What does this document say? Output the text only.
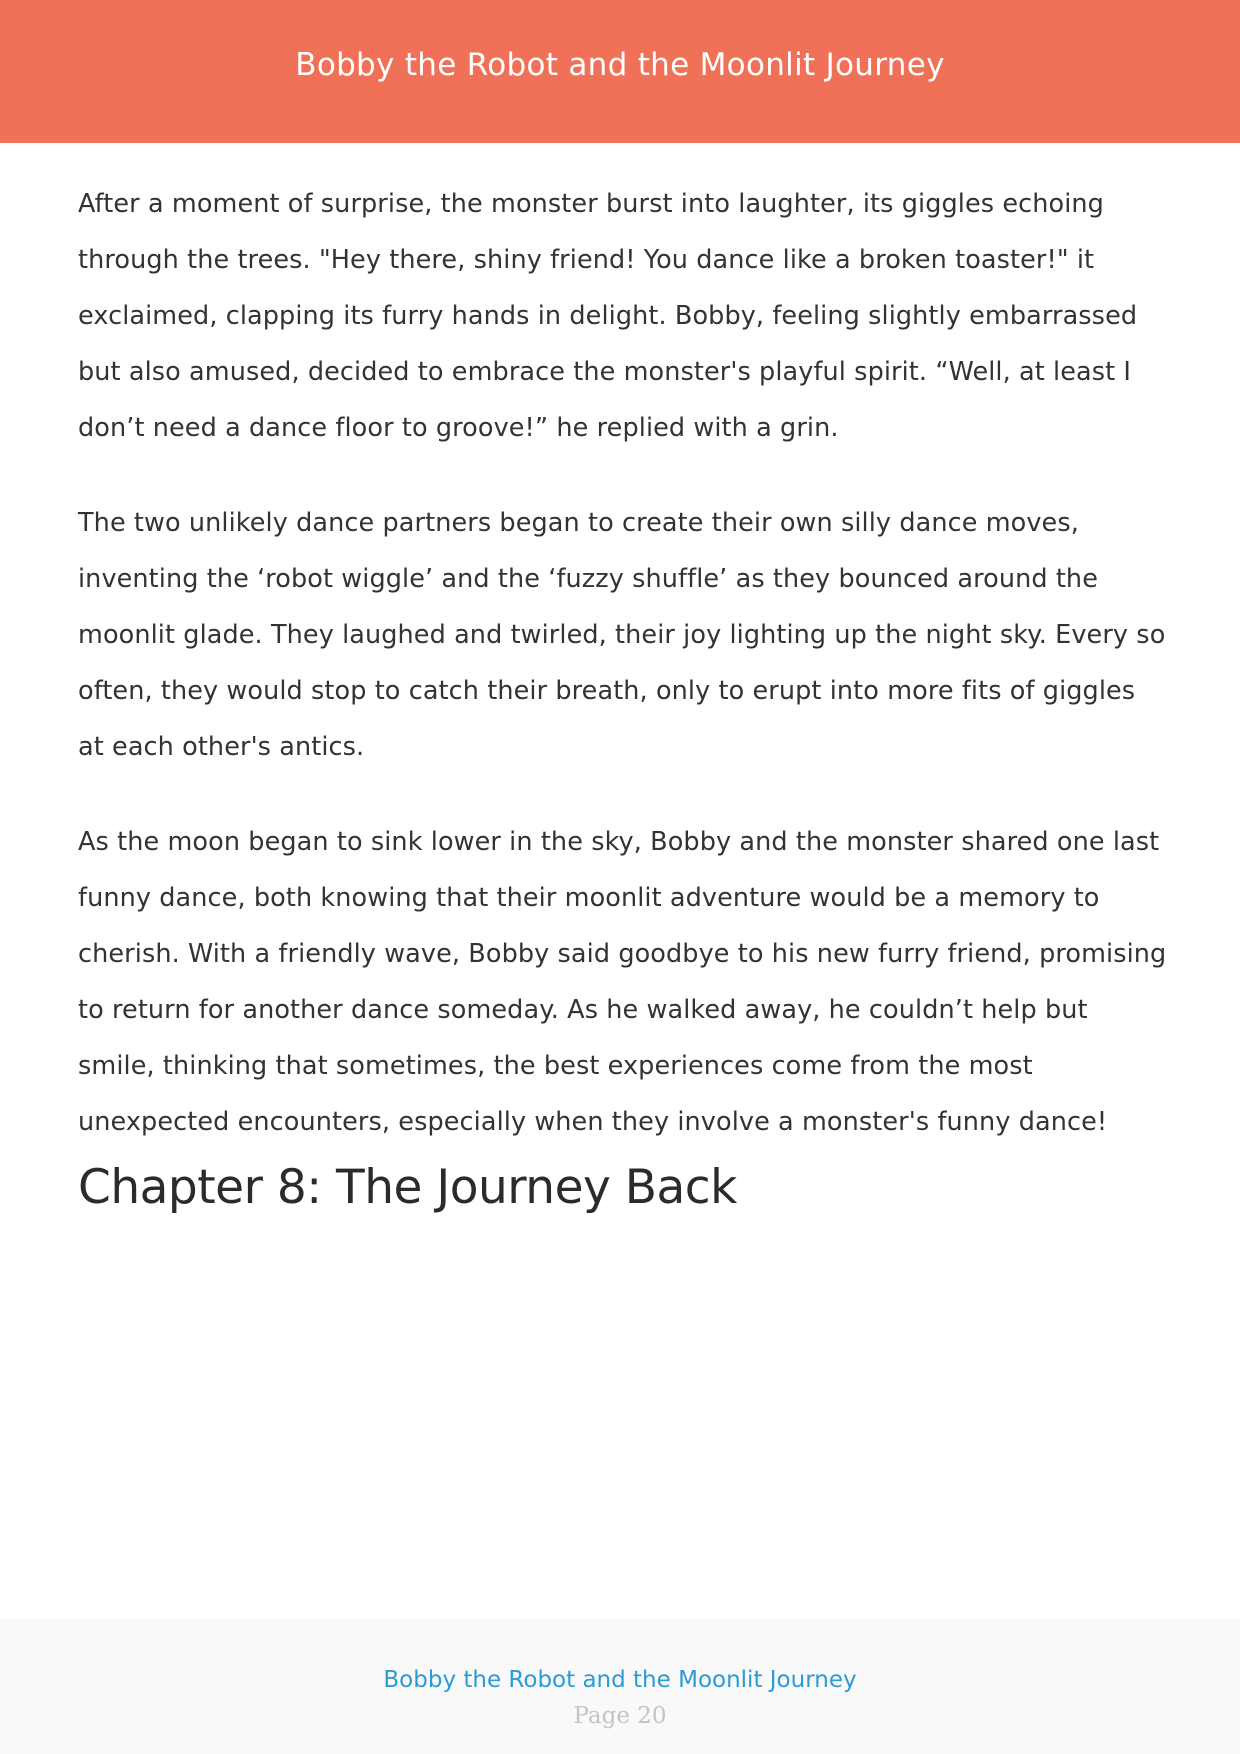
Bobby the Robot and the Moonlit Journey

After a moment of surprise, the monster burst into laughter, its giggles echoing through the trees. "Hey there, shiny friend! You dance like a broken toaster!" it exclaimed, clapping its furry hands in delight. Bobby, feeling slightly embarrassed but also amused, decided to embrace the monster's playful spirit. “Well, at least I don’t need a dance floor to groove!” he replied with a grin.

The two unlikely dance partners began to create their own silly dance moves, inventing the ‘robot wiggle’ and the ‘fuzzy shuffle’ as they bounced around the moonlit glade. They laughed and twirled, their joy lighting up the night sky. Every so often, they would stop to catch their breath, only to erupt into more fits of giggles at each other's antics.

As the moon began to sink lower in the sky, Bobby and the monster shared one last funny dance, both knowing that their moonlit adventure would be a memory to cherish. With a friendly wave, Bobby said goodbye to his new furry friend, promising to return for another dance someday. As he walked away, he couldn’t help but smile, thinking that sometimes, the best experiences come from the most unexpected encounters, especially when they involve a monster's funny dance!

Chapter 8: The Journey Back
Bobby the Robot and the Moonlit Journey
Page 20
